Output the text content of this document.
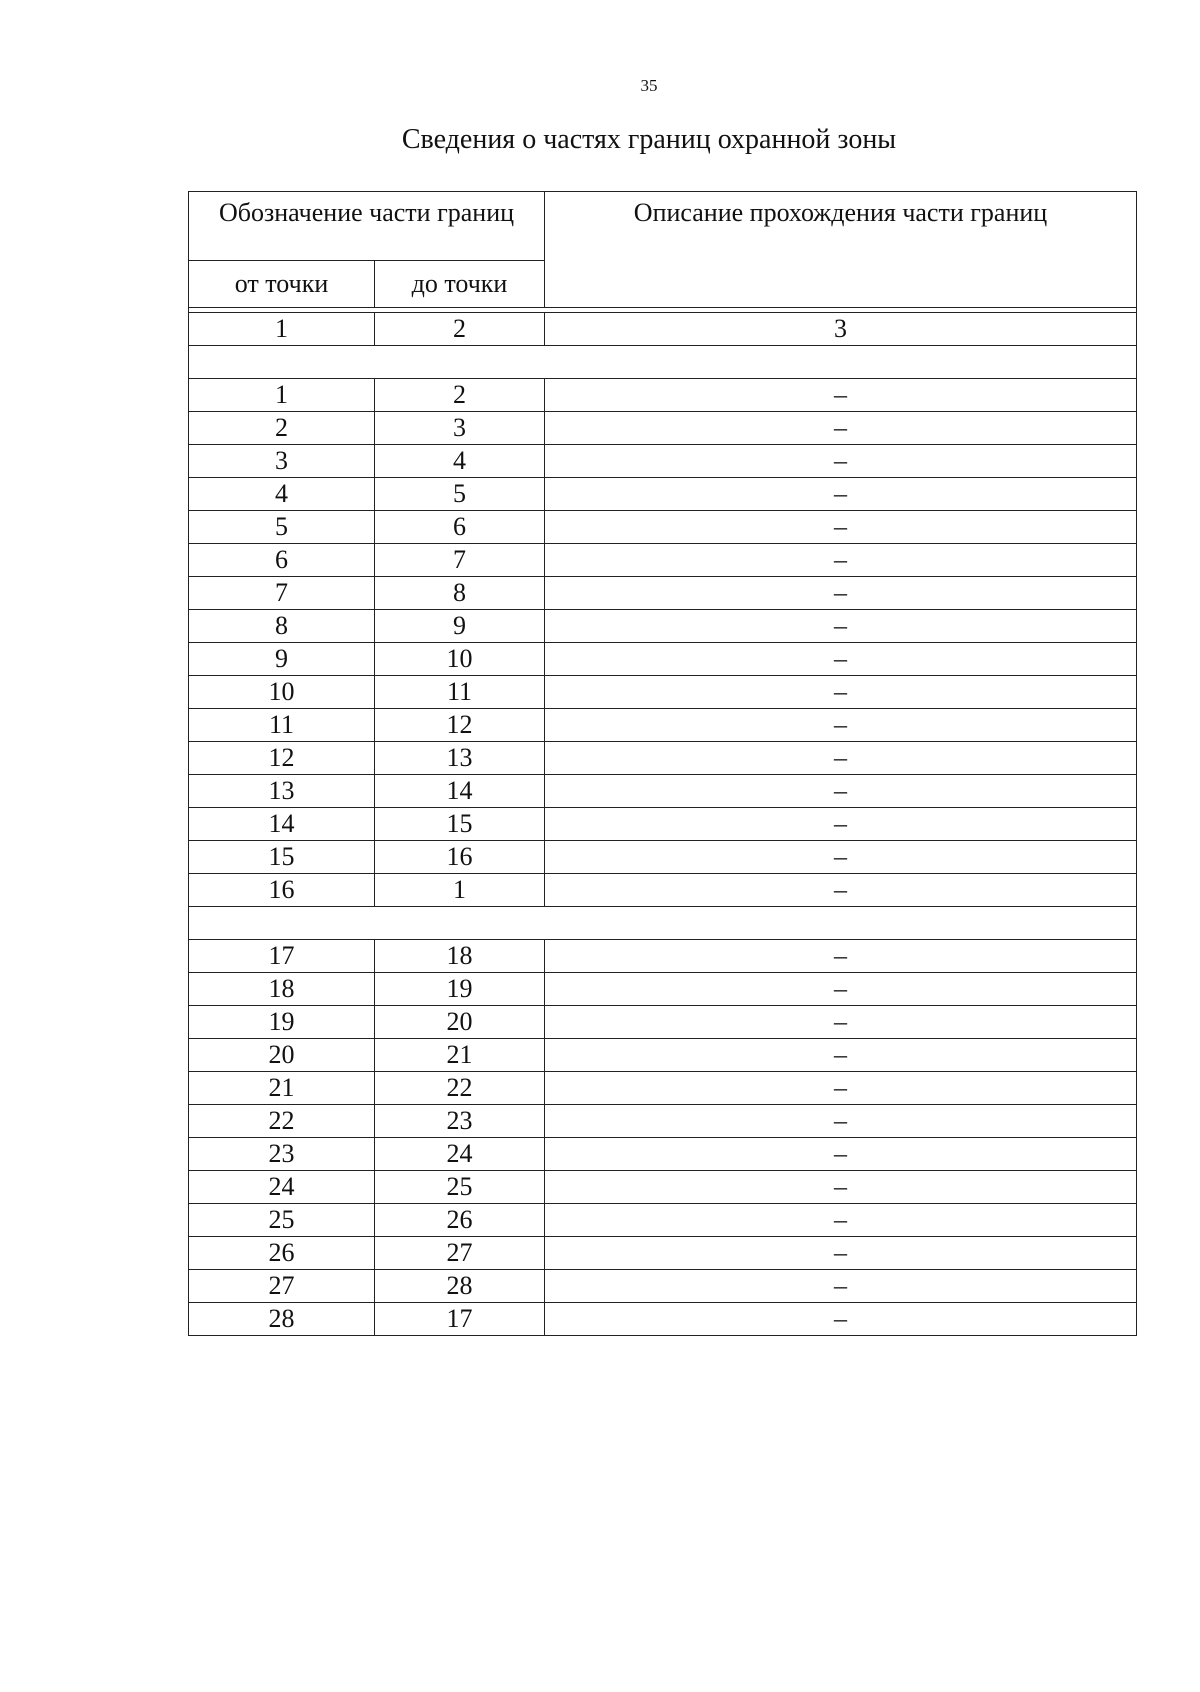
35
Сведения о частях границ охранной зоны
Обозначение части границ		Описание прохождения части границ
от точки	до точки	

1	2	3

1	2	–
2	3	–
3	4	–
4	5	–
5	6	–
6	7	–
7	8	–
8	9	–
9	10	–
10	11	–
11	12	–
12	13	–
13	14	–
14	15	–
15	16	–
16	1	–

17	18	–
18	19	–
19	20	–
20	21	–
21	22	–
22	23	–
23	24	–
24	25	–
25	26	–
26	27	–
27	28	–
28	17	–
